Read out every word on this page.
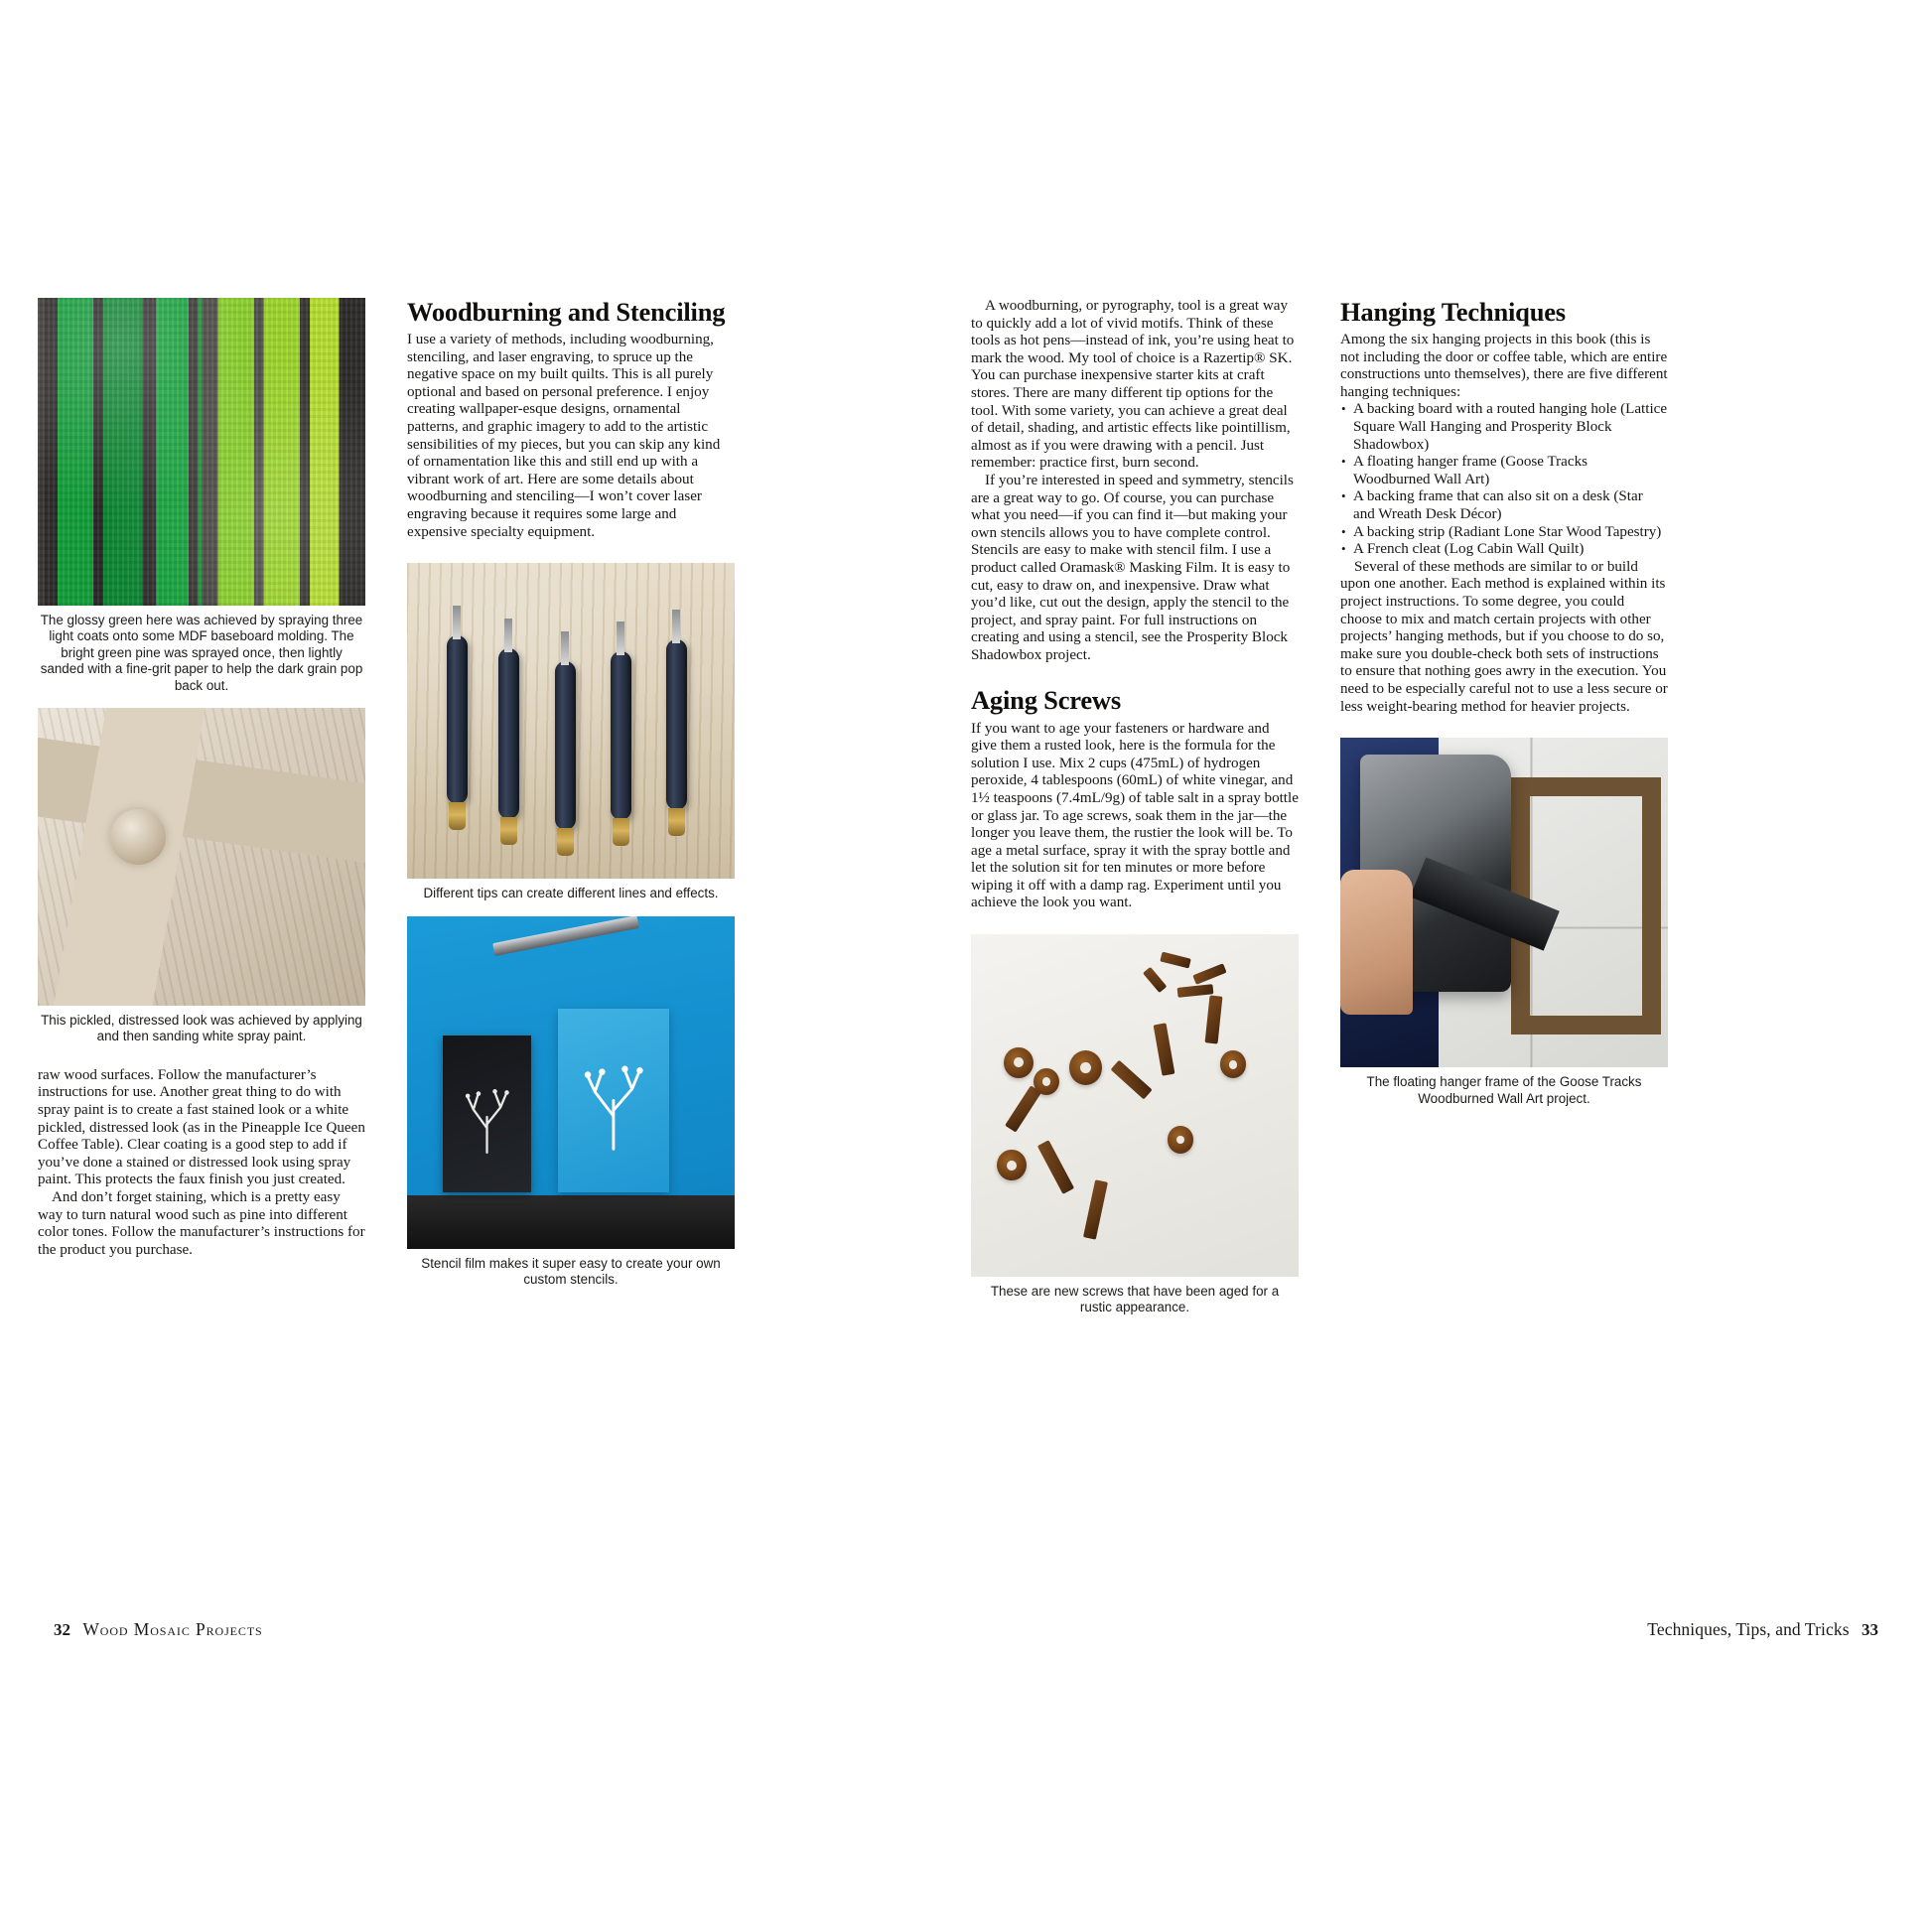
The glossy green here was achieved by spraying three light coats onto some MDF baseboard molding. The bright green pine was sprayed once, then lightly sanded with a fine-grit paper to help the dark grain pop back out.
This pickled, distressed look was achieved by applying and then sanding white spray paint.

raw wood surfaces. Follow the manufacturer’s instructions for use. Another great thing to do with spray paint is to create a fast stained look or a white pickled, distressed look (as in the Pineapple Ice Queen Coffee Table). Clear coating is a good step to add if you’ve done a stained or distressed look using spray paint. This protects the faux finish you just created.

And don’t forget staining, which is a pretty easy way to turn natural wood such as pine into different color tones. Follow the manufacturer’s instructions for the product you purchase.

Woodburning and Stenciling

I use a variety of methods, including woodburning, stenciling, and laser engraving, to spruce up the negative space on my built quilts. This is all purely optional and based on personal preference. I enjoy creating wallpaper-esque designs, ornamental patterns, and graphic imagery to add to the artistic sensibilities of my pieces, but you can skip any kind of ornamentation like this and still end up with a vibrant work of art. Here are some details about woodburning and stenciling—I won’t cover laser engraving because it requires some large and expensive specialty equipment.

Different tips can create different lines and effects.
Stencil film makes it super easy to create your own custom stencils.
32 Wood Mosaic Projects

A woodburning, or pyrography, tool is a great way to quickly add a lot of vivid motifs. Think of these tools as hot pens—instead of ink, you’re using heat to mark the wood. My tool of choice is a Razertip® SK. You can purchase inexpensive starter kits at craft stores. There are many different tip options for the tool. With some variety, you can achieve a great deal of detail, shading, and artistic effects like pointillism, almost as if you were drawing with a pencil. Just remember: practice first, burn second.

If you’re interested in speed and symmetry, stencils are a great way to go. Of course, you can purchase what you need—if you can find it—but making your own stencils allows you to have complete control. Stencils are easy to make with stencil film. I use a product called Oramask® Masking Film. It is easy to cut, easy to draw on, and inexpensive. Draw what you’d like, cut out the design, apply the stencil to the project, and spray paint. For full instructions on creating and using a stencil, see the Prosperity Block Shadowbox project.

Aging Screws

If you want to age your fasteners or hardware and give them a rusted look, here is the formula for the solution I use. Mix 2 cups (475mL) of hydrogen peroxide, 4 tablespoons (60mL) of white vinegar, and 1½ teaspoons (7.4mL/9g) of table salt in a spray bottle or glass jar. To age screws, soak them in the jar—the longer you leave them, the rustier the look will be. To age a metal surface, spray it with the spray bottle and let the solution sit for ten minutes or more before wiping it off with a damp rag. Experiment until you achieve the look you want.

These are new screws that have been aged for a rustic appearance.
Hanging Techniques

Among the six hanging projects in this book (this is not including the door or coffee table, which are entire constructions unto themselves), there are five different hanging techniques:

• A backing board with a routed hanging hole (Lattice Square Wall Hanging and Prosperity Block Shadowbox)
• A floating hanger frame (Goose Tracks Woodburned Wall Art)
• A backing frame that can also sit on a desk (Star and Wreath Desk Décor)
• A backing strip (Radiant Lone Star Wood Tapestry)
• A French cleat (Log Cabin Wall Quilt)

Several of these methods are similar to or build upon one another. Each method is explained within its project instructions. To some degree, you could choose to mix and match certain projects with other projects’ hanging methods, but if you choose to do so, make sure you double-check both sets of instructions to ensure that nothing goes awry in the execution. You need to be especially careful not to use a less secure or less weight-bearing method for heavier projects.

The floating hanger frame of the Goose Tracks Woodburned Wall Art project.
Techniques, Tips, and Tricks 33
